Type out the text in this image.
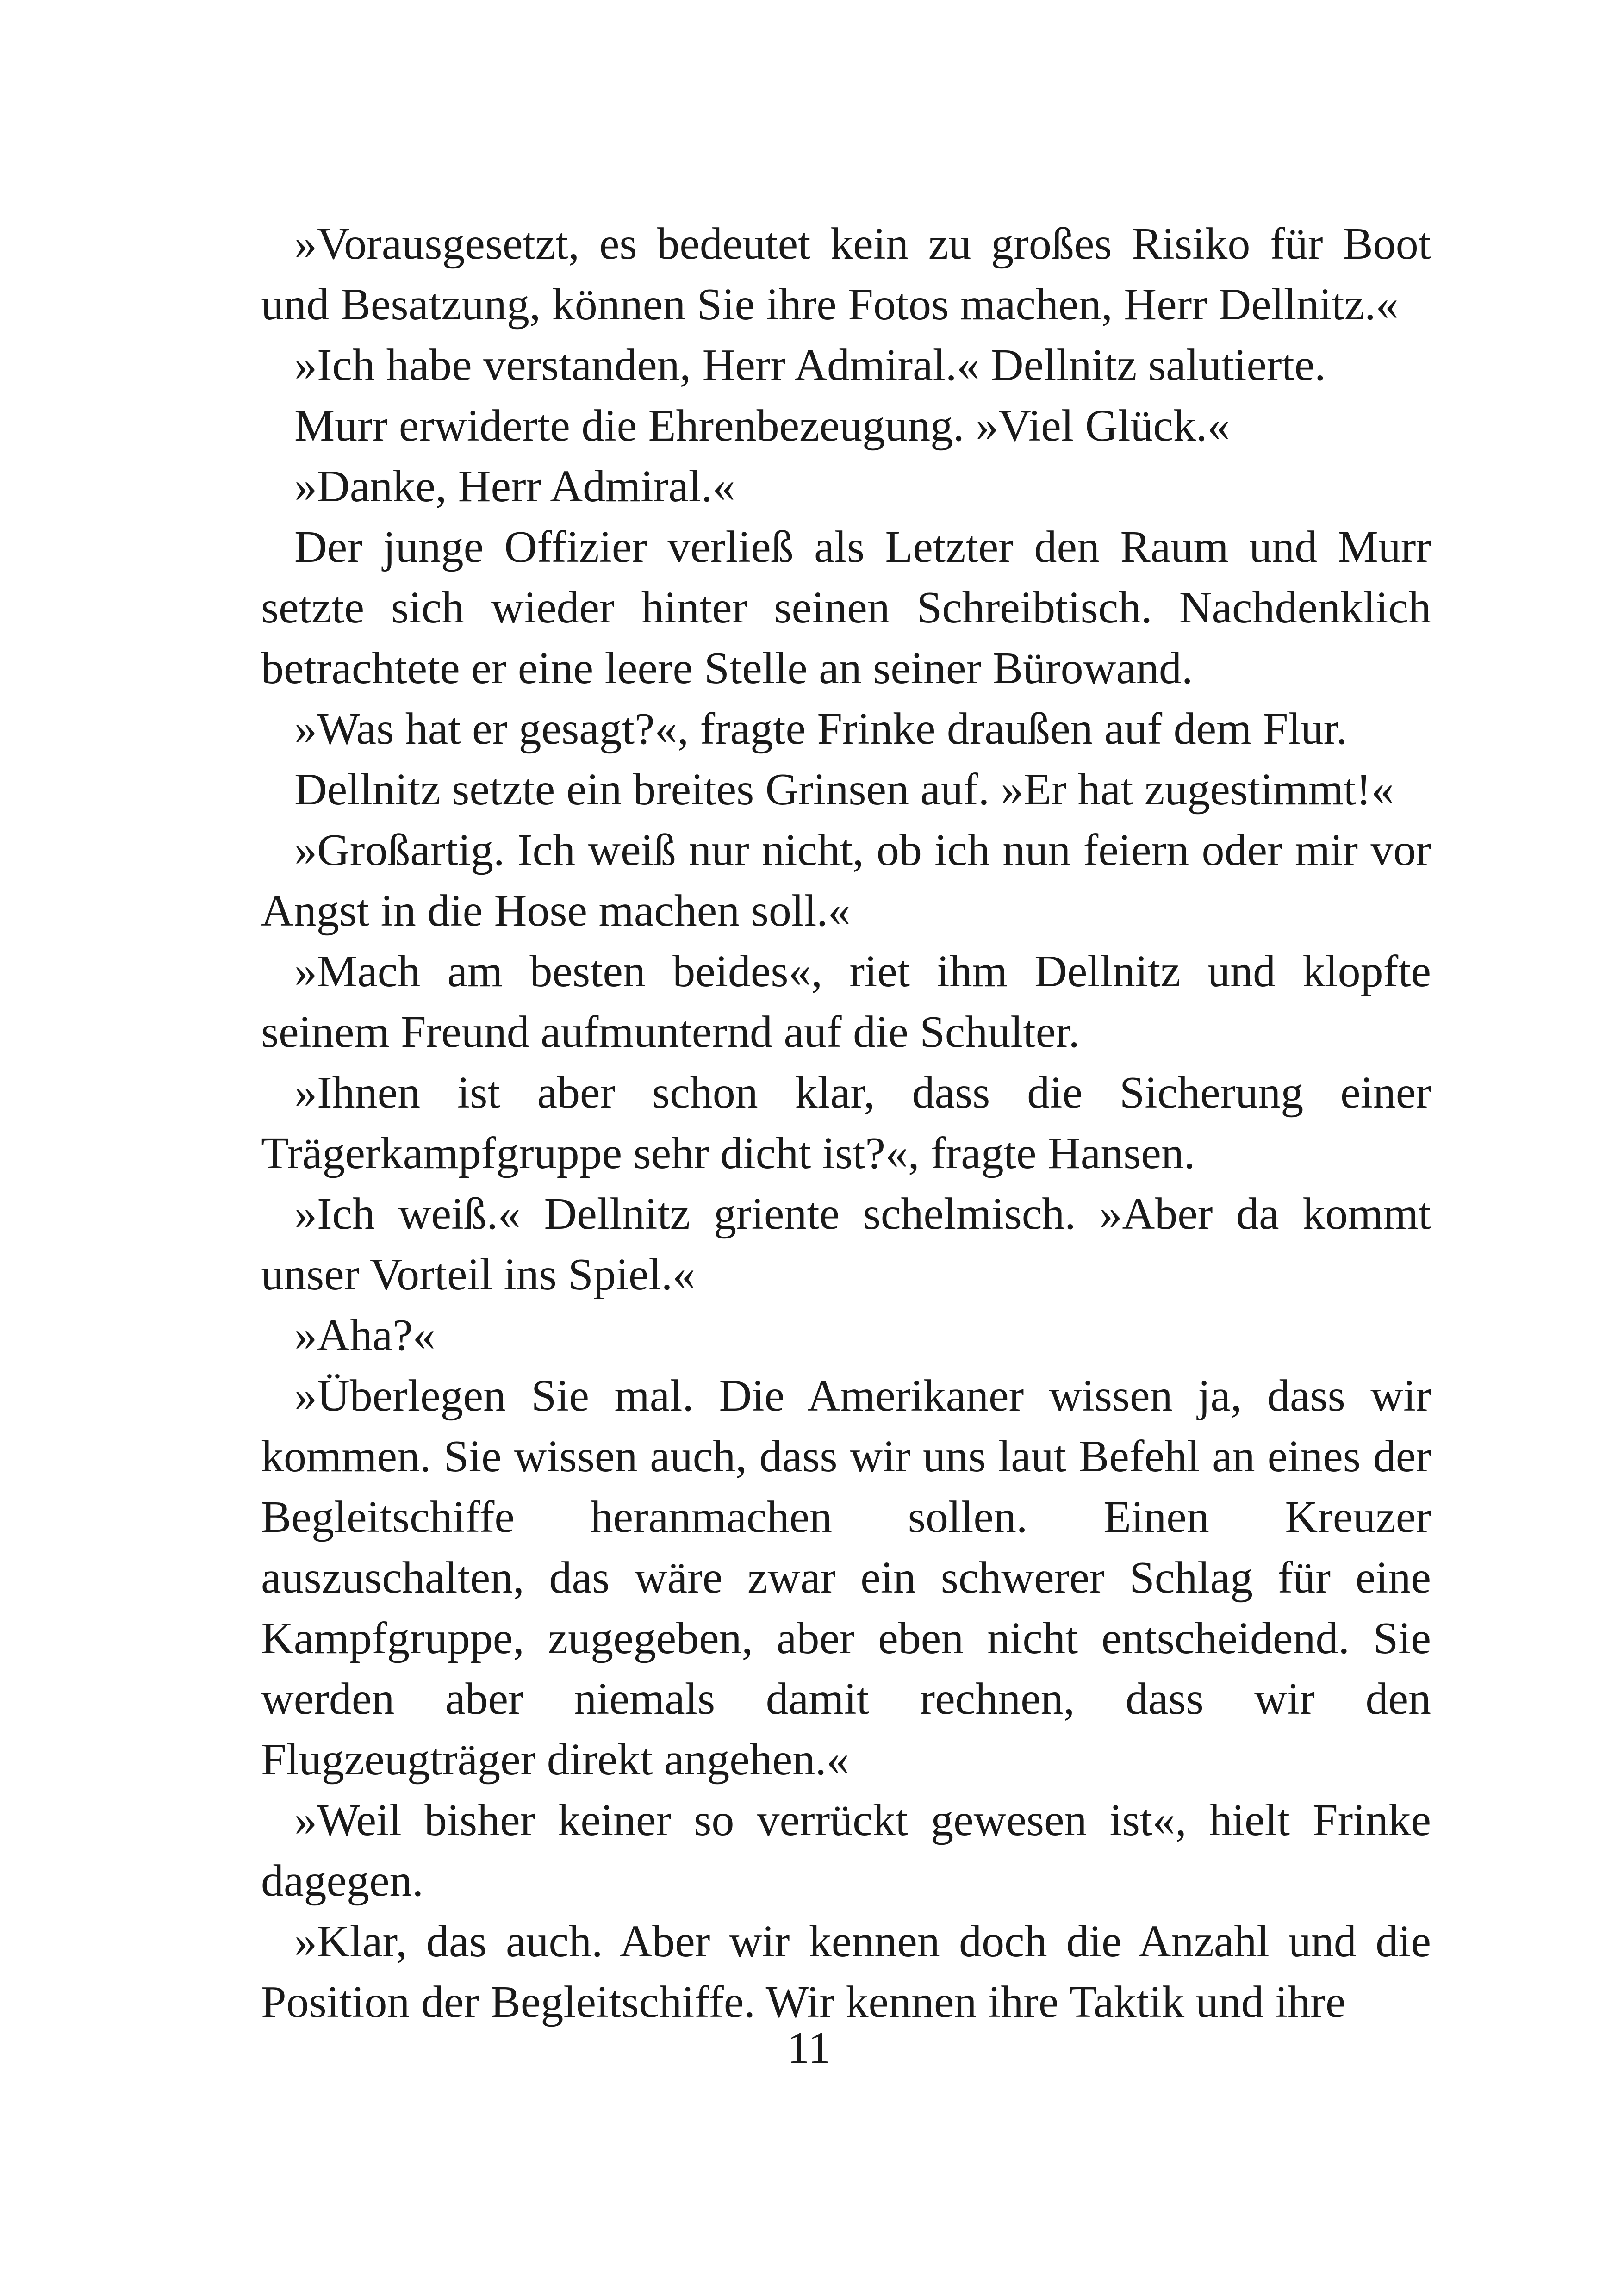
»Vorausgesetzt, es bedeutet kein zu großes Risiko für Boot und Besatzung, können Sie ihre Fotos machen, Herr Dellnitz.«

»Ich habe verstanden, Herr Admiral.« Dellnitz salutierte.

Murr erwiderte die Ehrenbezeugung. »Viel Glück.«

»Danke, Herr Admiral.«

Der junge Offizier verließ als Letzter den Raum und Murr setzte sich wieder hinter seinen Schreibtisch. Nachdenklich betrachtete er eine leere Stelle an seiner Bürowand.

»Was hat er gesagt?«, fragte Frinke draußen auf dem Flur.

Dellnitz setzte ein breites Grinsen auf. »Er hat zugestimmt!«

»Großartig. Ich weiß nur nicht, ob ich nun feiern oder mir vor Angst in die Hose machen soll.«

»Mach am besten beides«, riet ihm Dellnitz und klopfte seinem Freund aufmunternd auf die Schulter.

»Ihnen ist aber schon klar, dass die Sicherung einer Trägerkampfgruppe sehr dicht ist?«, fragte Hansen.

»Ich weiß.« Dellnitz griente schelmisch. »Aber da kommt unser Vorteil ins Spiel.«

»Aha?«

»Überlegen Sie mal. Die Amerikaner wissen ja, dass wir kommen. Sie wissen auch, dass wir uns laut Befehl an eines der Begleitschiffe heranmachen sollen. Einen Kreuzer auszuschalten, das wäre zwar ein schwerer Schlag für eine Kampfgruppe, zugegeben, aber eben nicht entscheidend. Sie werden aber niemals damit rechnen, dass wir den Flugzeugträger direkt angehen.«

»Weil bisher keiner so verrückt gewesen ist«, hielt Frinke dagegen.

»Klar, das auch. Aber wir kennen doch die Anzahl und die Position der Begleitschiffe. Wir kennen ihre Taktik und ihre

11
